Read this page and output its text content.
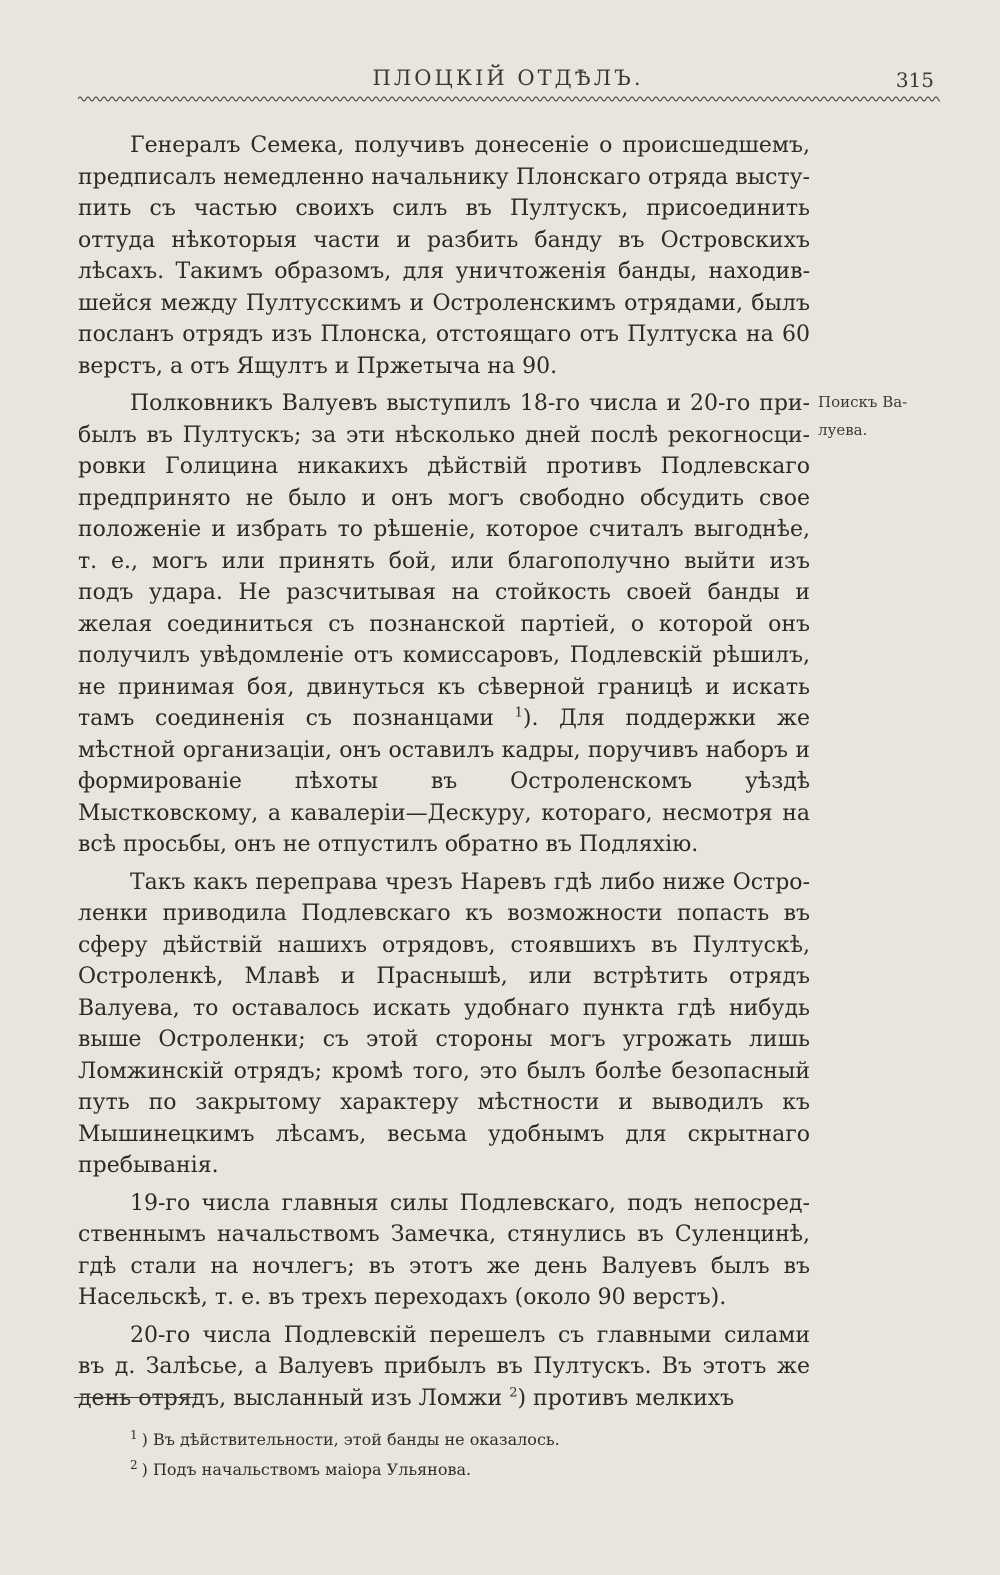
ПЛОЦКІЙ ОТДѢЛЪ.	315

Генералъ Семека, получивъ донесеніе о происшедшемъ, предписалъ немедленно начальнику Плонскаго отряда выступить съ частью своихъ силъ въ Пултускъ, присоединить оттуда нѣкоторыя части и разбить банду въ Островскихъ лѣсахъ. Такимъ образомъ, для уничтоженія банды, находившейся между Пултусскимъ и Остроленскимъ отрядами, былъ посланъ отрядъ изъ Плонска, отстоящаго отъ Пултуска на 60 верстъ, а отъ Ящултъ и Пржетыча на 90.

Полковникъ Валуевъ выступилъ 18-го числа и 20-го прибылъ въ Пултускъ; за эти нѣсколько дней послѣ рекогносцировки Голицина никакихъ дѣйствій противъ Подлевскаго предпринято не было и онъ могъ свободно обсудить свое положеніе и избрать то рѣшеніе, которое считалъ выгоднѣе, т. е., могъ или принять бой, или благополучно выйти изъ подъ удара. Не разсчитывая на стойкость своей банды и желая соединиться съ познанской партіей, о которой онъ получилъ увѣдомленіе отъ комиссаровъ, Подлевскій рѣшилъ, не принимая боя, двинуться къ сѣверной границѣ и искать тамъ соединенія съ познанцами $^1$). Для поддержки же мѣстной организаціи, онъ оставилъ кадры, поручивъ наборъ и формированіе пѣхоты въ Остроленскомъ уѣздѣ Мыстковскому, а кавалеріи—Дескуру, котораго, несмотря на всѣ просьбы, онъ не отпустилъ обратно въ Подляхію.

Такъ какъ переправа чрезъ Наревъ гдѣ либо ниже Остроленки приводила Подлевскаго къ возможности попасть въ сферу дѣйствій нашихъ отрядовъ, стоявшихъ въ Пултускѣ, Остроленкѣ, Млавѣ и Праснышѣ, или встрѣтить отрядъ Валуева, то оставалось искать удобнаго пункта гдѣ нибудь выше Остроленки; съ этой стороны могъ угрожать лишь Ломжинскій отрядъ; кромѣ того, это былъ болѣе безопасный путь по закрытому характеру мѣстности и выводилъ къ Мышинецкимъ лѣсамъ, весьма удобнымъ для скрытнаго пребыванія.

19-го числа главныя силы Подлевскаго, подъ непосредственнымъ начальствомъ Замечка, стянулись въ Суленцинѣ, гдѣ стали на ночлегъ; въ этотъ же день Валуевъ былъ въ Насельскѣ, т. е. въ трехъ переходахъ (около 90 верстъ).

20-го числа Подлевскій перешелъ съ главными силами въ д. Залѣсье, а Валуевъ прибылъ въ Пултускъ. Въ этотъ же день отрядъ, высланный изъ Ломжи $^2$) противъ мелкихъ

Поискъ Ва-
луева.
$^1$ ) Въ дѣйствительности, этой банды не оказалось.
$^2$ ) Подъ начальствомъ маіора Ульянова.
